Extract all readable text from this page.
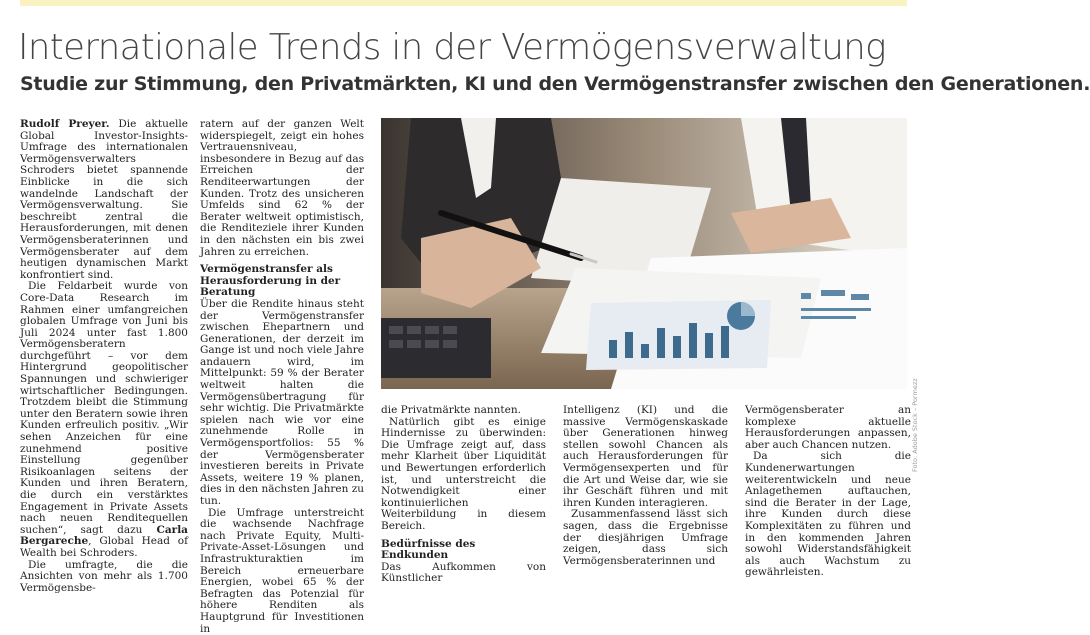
Internationale Trends in der Vermögensverwaltung
Studie zur Stimmung, den Privatmärkten, KI und den Vermögenstransfer zwischen den Generationen.

Rudolf Preyer. Die aktuelle Global Investor-Insights-Umfrage des internationalen Vermögensverwalters Schroders bietet spannende Einblicke in die sich wandelnde Landschaft der Vermögensverwaltung. Sie beschreibt zentral die Herausforderungen, mit denen Vermögensberaterinnen und Vermögensberater auf dem heutigen dynamischen Markt konfrontiert sind.

Die Feldarbeit wurde von Core-Data Research im Rahmen einer umfangreichen globalen Umfrage von Juni bis Juli 2024 unter fast 1.800 Vermögensberatern durchgeführt – vor dem Hintergrund geopolitischer Spannungen und schwieriger wirtschaftlicher Bedingungen. Trotzdem bleibt die Stimmung unter den Beratern sowie ihren Kunden erfreulich positiv. „Wir sehen Anzeichen für eine zunehmend positive Einstellung gegenüber Risikoanlagen seitens der Kunden und ihren Beratern, die durch ein verstärktes Engagement in Private Assets nach neuen Renditequellen suchen“, sagt dazu Carla Bergareche, Global Head of Wealth bei Schroders.

Die umfragte, die die Ansichten von mehr als 1.700 Vermögensbe-

ratern auf der ganzen Welt widerspiegelt, zeigt ein hohes Vertrauensniveau, insbesondere in Bezug auf das Erreichen der Renditeerwartungen der Kunden. Trotz des unsicheren Umfelds sind 62 % der Berater weltweit optimistisch, die Renditeziele ihrer Kunden in den nächsten ein bis zwei Jahren zu erreichen.

Vermögenstransfer als Herausforderung in der Beratung

Über die Rendite hinaus steht der Vermögenstransfer zwischen Ehepartnern und Generationen, der derzeit im Gange ist und noch viele Jahre andauern wird, im Mittelpunkt: 59 % der Berater weltweit halten die Vermögensübertragung für sehr wichtig. Die Privatmärkte spielen nach wie vor eine zunehmende Rolle in Vermögensportfolios: 55 % der Vermögensberater investieren bereits in Private Assets, weitere 19 % planen, dies in den nächsten Jahren zu tun.

Die Umfrage unterstreicht die wachsende Nachfrage nach Private Equity, Multi-Private-Asset-Lösungen und Infrastrukturaktien im Bereich erneuerbare Energien, wobei 65 % der Befragten das Potenzial für höhere Renditen als Hauptgrund für Investitionen in

Foto: Adobe Stock – Pormezz

die Privatmärkte nannten.

Natürlich gibt es einige Hindernisse zu überwinden: Die Umfrage zeigt auf, dass mehr Klarheit über Liquidität und Bewertungen erforderlich ist, und unterstreicht die Notwendigkeit einer kontinuierlichen Weiterbildung in diesem Bereich.

Bedürfnisse des Endkunden

Das Aufkommen von Künstlicher

Intelligenz (KI) und die massive Vermögenskaskade über Generationen hinweg stellen sowohl Chancen als auch Herausforderungen für Vermögensexperten und für die Art und Weise dar, wie sie ihr Geschäft führen und mit ihren Kunden interagieren.

Zusammenfassend lässt sich sagen, dass die Ergebnisse der diesjährigen Umfrage zeigen, dass sich Vermögensberaterinnen und

Vermögensberater an komplexe aktuelle Herausforderungen anpassen, aber auch Chancen nutzen.

Da sich die Kundenerwartungen weiterentwickeln und neue Anlagethemen auftauchen, sind die Berater in der Lage, ihre Kunden durch diese Komplexitäten zu führen und in den kommenden Jahren sowohl Widerstandsfähigkeit als auch Wachstum zu gewährleisten.
